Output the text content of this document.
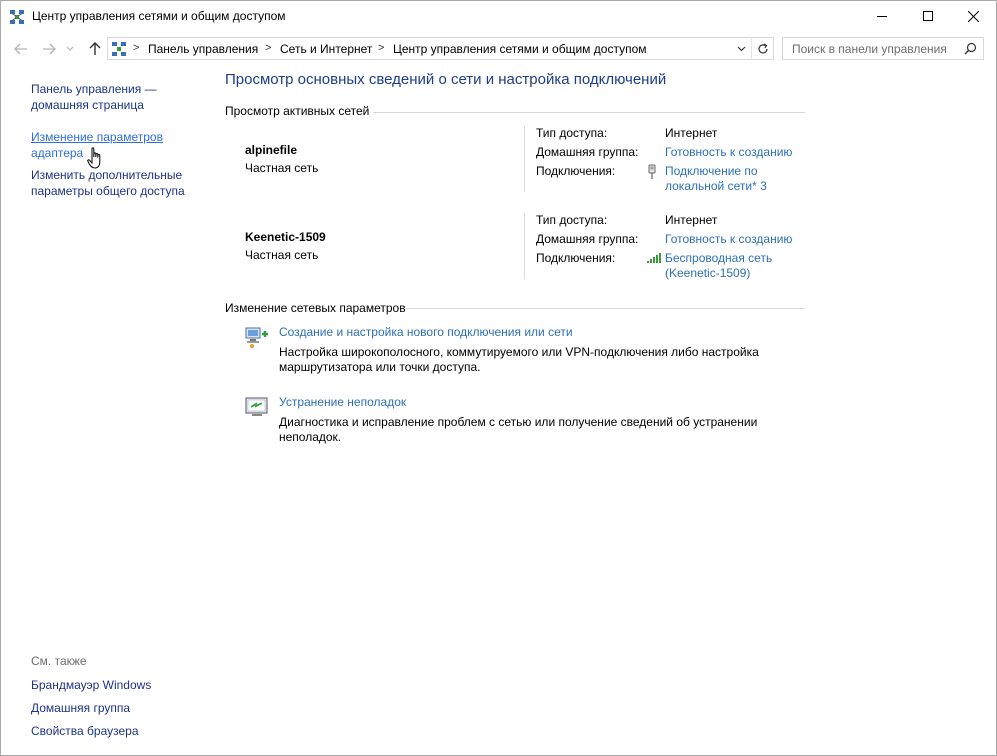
Центр управления сетями и общим доступом
> Панель управления > Сеть и Интернет > Центр управления сетями и общим доступом	Поиск в панели управления
Панель управления —
домашняя страница
Изменение параметров
адаптера
Изменить дополнительные
параметры общего доступа
См. также
Брандмауэр Windows
Домашняя группа
Свойства браузера
Просмотр основных сведений о сети и настройка подключений
Просмотр активных сетей
alpinefile
Частная сеть
Тип доступа:	Интернет
Домашняя группа: Готовность к созданию
Подключения:	Подключение по
локальной сети* 3
Keenetic-1509
Частная сеть
Тип доступа:	Интернет
Домашняя группа: Готовность к созданию
Подключения:	Беспроводная сеть
(Keenetic-1509)
Изменение сетевых параметров
Создание и настройка нового подключения или сети
Настройка широкополосного, коммутируемого или VPN-подключения либо настройка маршрутизатора или точки доступа.
Устранение неполадок
Диагностика и исправление проблем с сетью или получение сведений об устранении неполадок.
